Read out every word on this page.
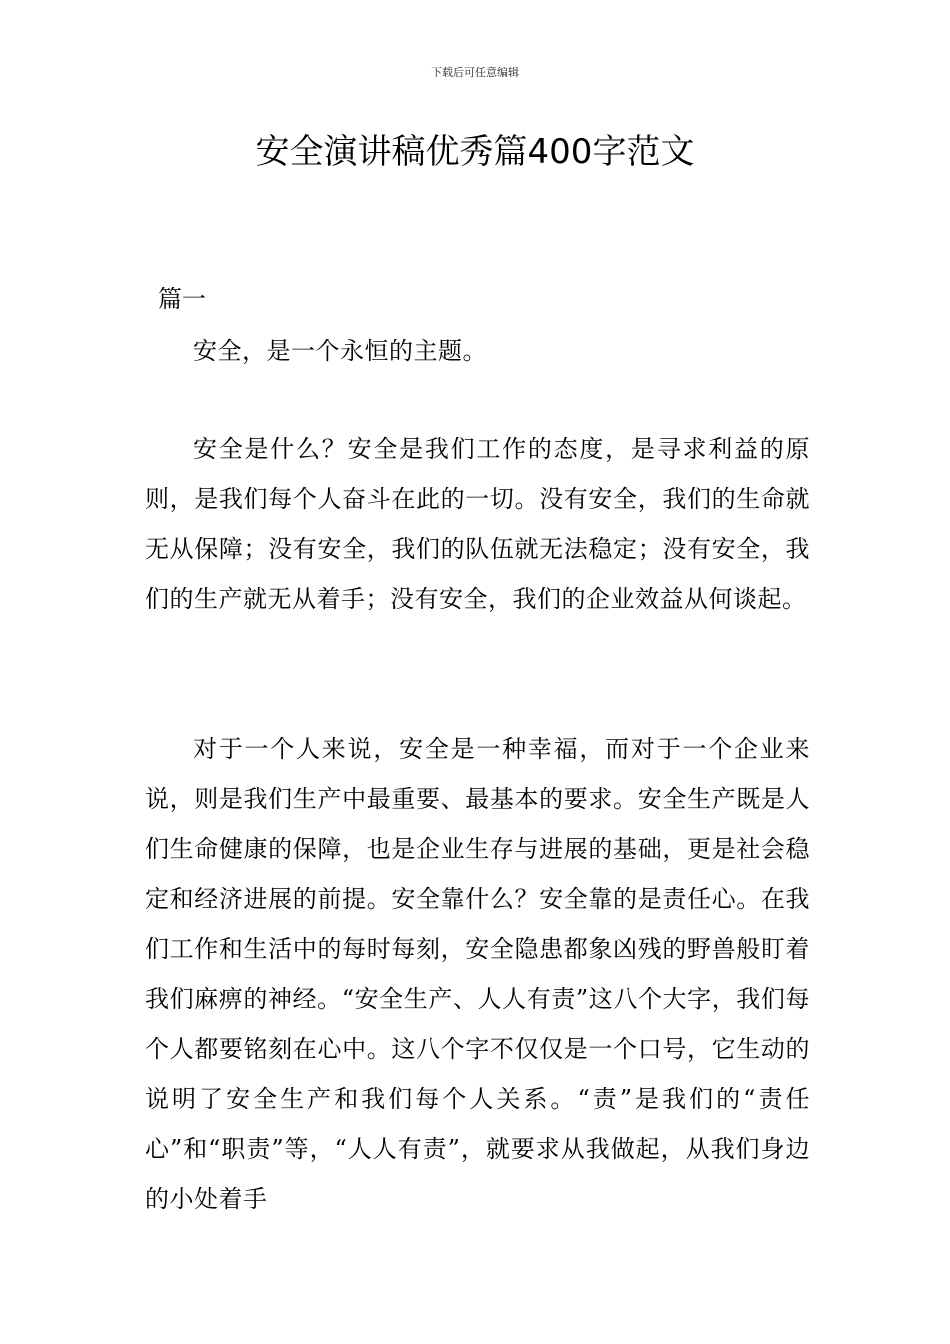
下载后可任意编辑
安全演讲稿优秀篇400字范文
篇一

安全，是一个永恒的主题。

安全是什么？安全是我们工作的态度，是寻求利益的原则，是我们每个人奋斗在此的一切。没有安全，我们的生命就无从保障；没有安全，我们的队伍就无法稳定；没有安全，我们的生产就无从着手；没有安全，我们的企业效益从何谈起。

对于一个人来说，安全是一种幸福，而对于一个企业来说，则是我们生产中最重要、最基本的要求。安全生产既是人们生命健康的保障，也是企业生存与进展的基础，更是社会稳定和经济进展的前提。安全靠什么？安全靠的是责任心。在我们工作和生活中的每时每刻，安全隐患都象凶残的野兽般盯着我们麻痹的神经。“安全生产、人人有责”这八个大字，我们每个人都要铭刻在心中。这八个字不仅仅是一个口号，它生动的说明了安全生产和我们每个人关系。“责”是我们的“责任心”和“职责”等，“人人有责”，就要求从我做起，从我们身边的小处着手
